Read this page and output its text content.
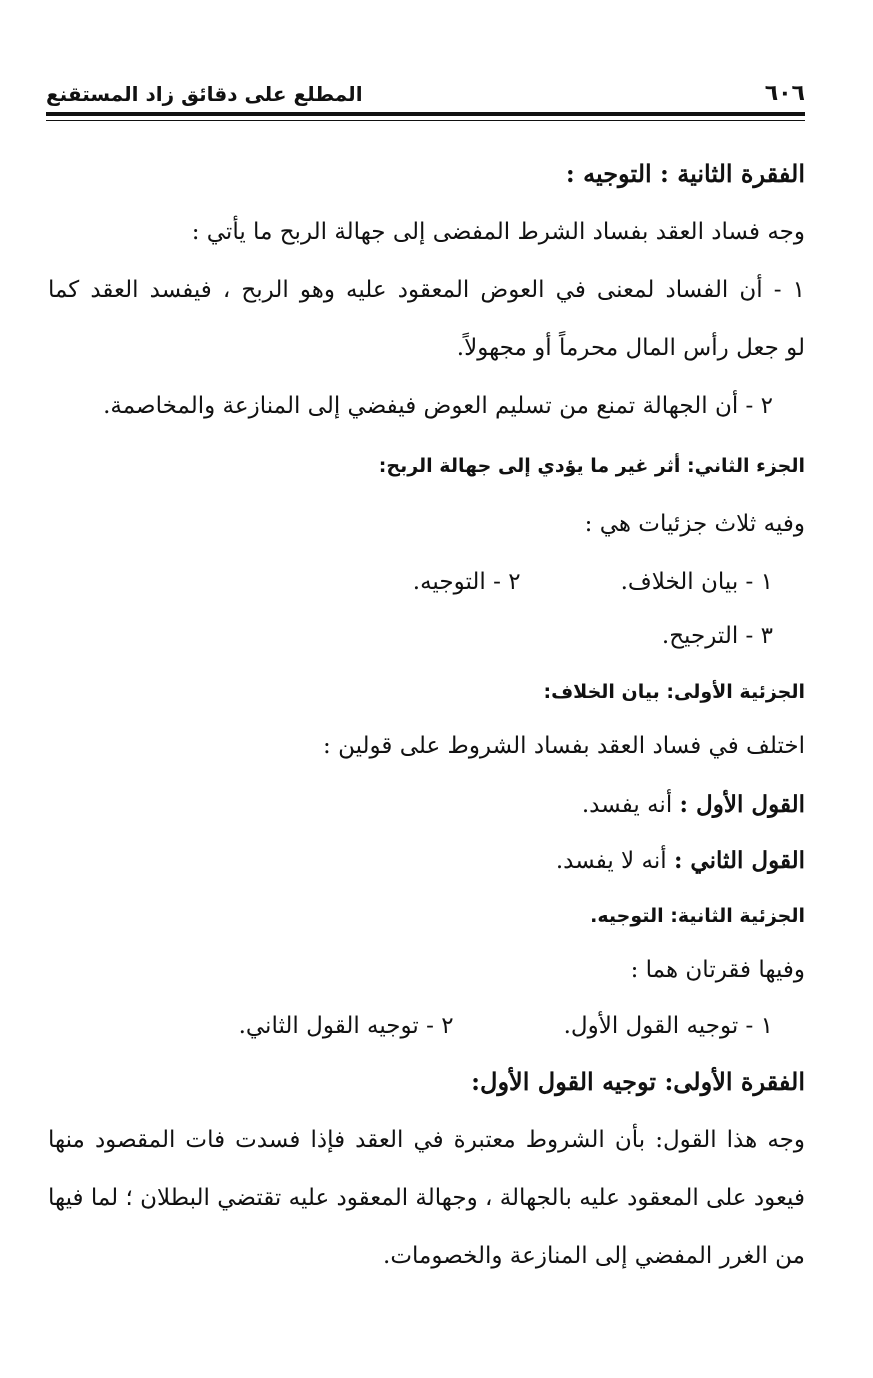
٦٠٦
المطلع على دقائق زاد المستقنع
الفقرة الثانية : التوجيه :
وجه فساد العقد بفساد الشرط المفضى إلى جهالة الربح ما يأتي :
١ - أن الفساد لمعنى في العوض المعقود عليه وهو الربح ، فيفسد العقد كما
لو جعل رأس المال محرماً أو مجهولاً.
٢ - أن الجهالة تمنع من تسليم العوض فيفضي إلى المنازعة والمخاصمة.
الجزء الثاني: أثر غير ما يؤدي إلى جهالة الربح:
وفيه ثلاث جزئيات هي :
١ - بيان الخلاف.٢ - التوجيه.
٣ - الترجيح.
الجزئية الأولى: بيان الخلاف:
اختلف في فساد العقد بفساد الشروط على قولين :
القول الأول : أنه يفسد.
القول الثاني : أنه لا يفسد.
الجزئية الثانية: التوجيه.
وفيها فقرتان هما :
١ - توجيه القول الأول.٢ - توجيه القول الثاني.
الفقرة الأولى: توجيه القول الأول:
وجه هذا القول: بأن الشروط معتبرة في العقد فإذا فسدت فات المقصود منها
فيعود على المعقود عليه بالجهالة ، وجهالة المعقود عليه تقتضي البطلان ؛ لما فيها
من الغرر المفضي إلى المنازعة والخصومات.
